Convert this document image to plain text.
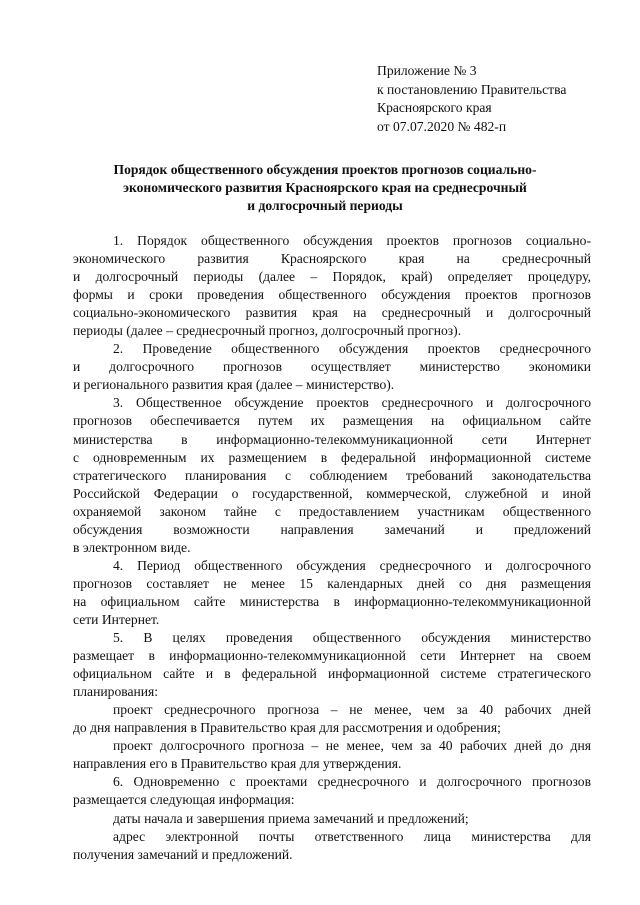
Приложение № 3
к постановлению Правительства
Красноярского края
от 07.07.2020 № 482-п
Порядок общественного обсуждения проектов прогнозов социально-
экономического развития Красноярского края на среднесрочный
и долгосрочный периоды
1. Порядок общественного обсуждения проектов прогнозов социально-
экономического развития Красноярского края на среднесрочный
и долгосрочный периоды (далее – Порядок, край) определяет процедуру,
формы и сроки проведения общественного обсуждения проектов прогнозов
социально-экономического развития края на среднесрочный и долгосрочный
периоды (далее – среднесрочный прогноз, долгосрочный прогноз).
2. Проведение общественного обсуждения проектов среднесрочного
и долгосрочного прогнозов осуществляет министерство экономики
и регионального развития края (далее – министерство).
3. Общественное обсуждение проектов среднесрочного и долгосрочного
прогнозов обеспечивается путем их размещения на официальном сайте
министерства в информационно-телекоммуникационной сети Интернет
с одновременным их размещением в федеральной информационной системе
стратегического планирования с соблюдением требований законодательства
Российской Федерации о государственной, коммерческой, служебной и иной
охраняемой законом тайне с предоставлением участникам общественного
обсуждения возможности направления замечаний и предложений
в электронном виде.
4. Период общественного обсуждения среднесрочного и долгосрочного
прогнозов составляет не менее 15 календарных дней со дня размещения
на официальном сайте министерства в информационно-телекоммуникационной
сети Интернет.
5. В целях проведения общественного обсуждения министерство
размещает в информационно-телекоммуникационной сети Интернет на своем
официальном сайте и в федеральной информационной системе стратегического
планирования:
проект среднесрочного прогноза – не менее, чем за 40 рабочих дней
до дня направления в Правительство края для рассмотрения и одобрения;
проект долгосрочного прогноза – не менее, чем за 40 рабочих дней до дня
направления его в Правительство края для утверждения.
6. Одновременно с проектами среднесрочного и долгосрочного прогнозов
размещается следующая информация:
даты начала и завершения приема замечаний и предложений;
адрес электронной почты ответственного лица министерства для
получения замечаний и предложений.
